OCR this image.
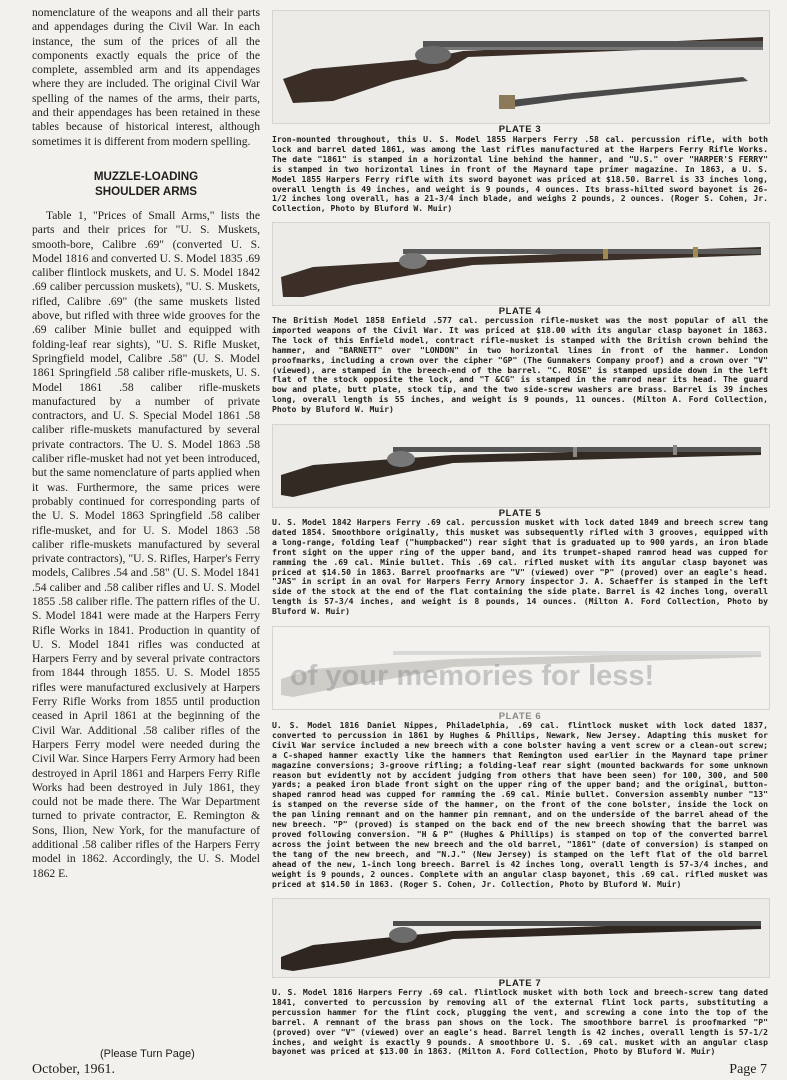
nomenclature of the weapons and all their parts and appendages during the Civil War. In each instance, the sum of the prices of all the components exactly equals the price of the complete, assembled arm and its appendages where they are included. The original Civil War spelling of the names of the arms, their parts, and their appendages has been retained in these tables because of historical interest, although sometimes it is different from modern spelling.

MUZZLE-LOADING
SHOULDER ARMS

Table 1, "Prices of Small Arms," lists the parts and their prices for "U. S. Muskets, smooth-bore, Calibre .69" (converted U. S. Model 1816 and converted U. S. Model 1835 .69 caliber flintlock muskets, and U. S. Model 1842 .69 caliber percussion muskets), "U. S. Muskets, rifled, Calibre .69" (the same muskets listed above, but rifled with three wide grooves for the .69 caliber Minie bullet and equipped with folding-leaf rear sights), "U. S. Rifle Musket, Springfield model, Calibre .58" (U. S. Model 1861 Springfield .58 caliber rifle-muskets, U. S. Model 1861 .58 caliber rifle-muskets manufactured by a number of private contractors, and U. S. Special Model 1861 .58 caliber rifle-muskets manufactured by several private contractors. The U. S. Model 1863 .58 caliber rifle-musket had not yet been introduced, but the same nomenclature of parts applied when it was. Furthermore, the same prices were probably continued for corresponding parts of the U. S. Model 1863 Springfield .58 caliber rifle-musket, and for U. S. Model 1863 .58 caliber rifle-muskets manufactured by several private contractors), "U. S. Rifles, Harper's Ferry models, Calibres .54 and .58" (U. S. Model 1841 .54 caliber and .58 caliber rifles and U. S. Model 1855 .58 caliber rifle. The pattern rifles of the U. S. Model 1841 were made at the Harpers Ferry Rifle Works in 1841. Production in quantity of U. S. Model 1841 rifles was conducted at Harpers Ferry and by several private contractors from 1844 through 1855. U. S. Model 1855 rifles were manufactured exclusively at Harpers Ferry Rifle Works from 1855 until production ceased in April 1861 at the beginning of the Civil War. Additional .58 caliber rifles of the Harpers Ferry model were needed during the Civil War. Since Harpers Ferry Armory had been destroyed in April 1861 and Harpers Ferry Rifle Works had been destroyed in July 1861, they could not be made there. The War Department turned to private contractor, E. Remington & Sons, Ilion, New York, for the manufacture of additional .58 caliber rifles of the Harpers Ferry model in 1862. Accordingly, the U. S. Model 1862 E.

(Please Turn Page)
October, 1961.	Page 7
PLATE 3
Iron-mounted throughout, this U. S. Model 1855 Harpers Ferry .58 cal. percussion rifle, with both lock and barrel dated 1861, was among the last rifles manufactured at the Harpers Ferry Rifle Works. The date "1861" is stamped in a horizontal line behind the hammer, and "U.S." over "HARPER'S FERRY" is stamped in two horizontal lines in front of the Maynard tape primer magazine. In 1863, a U. S. Model 1855 Harpers Ferry rifle with its sword bayonet was priced at $18.50. Barrel is 33 inches long, overall length is 49 inches, and weight is 9 pounds, 4 ounces. Its brass-hilted sword bayonet is 26-1/2 inches long overall, has a 21-3/4 inch blade, and weighs 2 pounds, 2 ounces. (Roger S. Cohen, Jr. Collection, Photo by Bluford W. Muir)
PLATE 4
The British Model 1858 Enfield .577 cal. percussion rifle-musket was the most popular of all the imported weapons of the Civil War. It was priced at $18.00 with its angular clasp bayonet in 1863. The lock of this Enfield model, contract rifle-musket is stamped with the British crown behind the hammer, and "BARNETT" over "LONDON" in two horizontal lines in front of the hammer. London proofmarks, including a crown over the cipher "GP" (The Gunmakers Company proof) and a crown over "V" (viewed), are stamped in the breech-end of the barrel. "C. ROSE" is stamped upside down in the left flat of the stock opposite the lock, and "T &CG" is stamped in the ramrod near its head. The guard bow and plate, butt plate, stock tip, and the two side-screw washers are brass. Barrel is 39 inches long, overall length is 55 inches, and weight is 9 pounds, 11 ounces. (Milton A. Ford Collection, Photo by Bluford W. Muir)
PLATE 5
U. S. Model 1842 Harpers Ferry .69 cal. percussion musket with lock dated 1849 and breech screw tang dated 1854. Smoothbore originally, this musket was subsequently rifled with 3 grooves, equipped with a long-range, folding leaf ("humpbacked") rear sight that is graduated up to 900 yards, an iron blade front sight on the upper ring of the upper band, and its trumpet-shaped ramrod head was cupped for ramming the .69 cal. Minie bullet. This .69 cal. rifled musket with its angular clasp bayonet was priced at $14.50 in 1863. Barrel proofmarks are "V" (viewed) over "P" (proved) over an eagle's head. "JAS" in script in an oval for Harpers Ferry Armory inspector J. A. Schaeffer is stamped in the left side of the stock at the end of the flat containing the side plate. Barrel is 42 inches long, overall length is 57-3/4 inches, and weight is 8 pounds, 14 ounces. (Milton A. Ford Collection, Photo by Bluford W. Muir)
of your memories for less!
PLATE 6
U. S. Model 1816 Daniel Nippes, Philadelphia, .69 cal. flintlock musket with lock dated 1837, converted to percussion in 1861 by Hughes & Phillips, Newark, New Jersey. Adapting this musket for Civil War service included a new breech with a cone bolster having a vent screw or a clean-out screw; a C-shaped hammer exactly like the hammers that Remington used earlier in the Maynard tape primer magazine conversions; 3-groove rifling; a folding-leaf rear sight (mounted backwards for some unknown reason but evidently not by accident judging from others that have been seen) for 100, 300, and 500 yards; a peaked iron blade front sight on the upper ring of the upper band; and the original, button-shaped ramrod head was cupped for ramming the .69 cal. Minie bullet. Conversion assembly number "13" is stamped on the reverse side of the hammer, on the front of the cone bolster, inside the lock on the pan lining remnant and on the hammer pin remnant, and on the underside of the barrel ahead of the new breech. "P" (proved) is stamped on the back end of the new breech showing that the barrel was proved following conversion. "H & P" (Hughes & Phillips) is stamped on top of the converted barrel across the joint between the new breech and the old barrel, "1861" (date of conversion) is stamped on the tang of the new breech, and "N.J." (New Jersey) is stamped on the left flat of the old barrel ahead of the new, 1-inch long breech. Barrel is 42 inches long, overall length is 57-3/4 inches, and weight is 9 pounds, 2 ounces. Complete with an angular clasp bayonet, this .69 cal. rifled musket was priced at $14.50 in 1863. (Roger S. Cohen, Jr. Collection, Photo by Bluford W. Muir)
PLATE 7
U. S. Model 1816 Harpers Ferry .69 cal. flintlock musket with both lock and breech-screw tang dated 1841, converted to percussion by removing all of the external flint lock parts, substituting a percussion hammer for the flint cock, plugging the vent, and screwing a cone into the top of the barrel. A remnant of the brass pan shows on the lock. The smoothbore barrel is proofmarked "P" (proved) over "V" (viewed) over an eagle's head. Barrel length is 42 inches, overall length is 57-1/2 inches, and weight is exactly 9 pounds. A smoothbore U. S. .69 cal. musket with an angular clasp bayonet was priced at $13.00 in 1863. (Milton A. Ford Collection, Photo by Bluford W. Muir)
